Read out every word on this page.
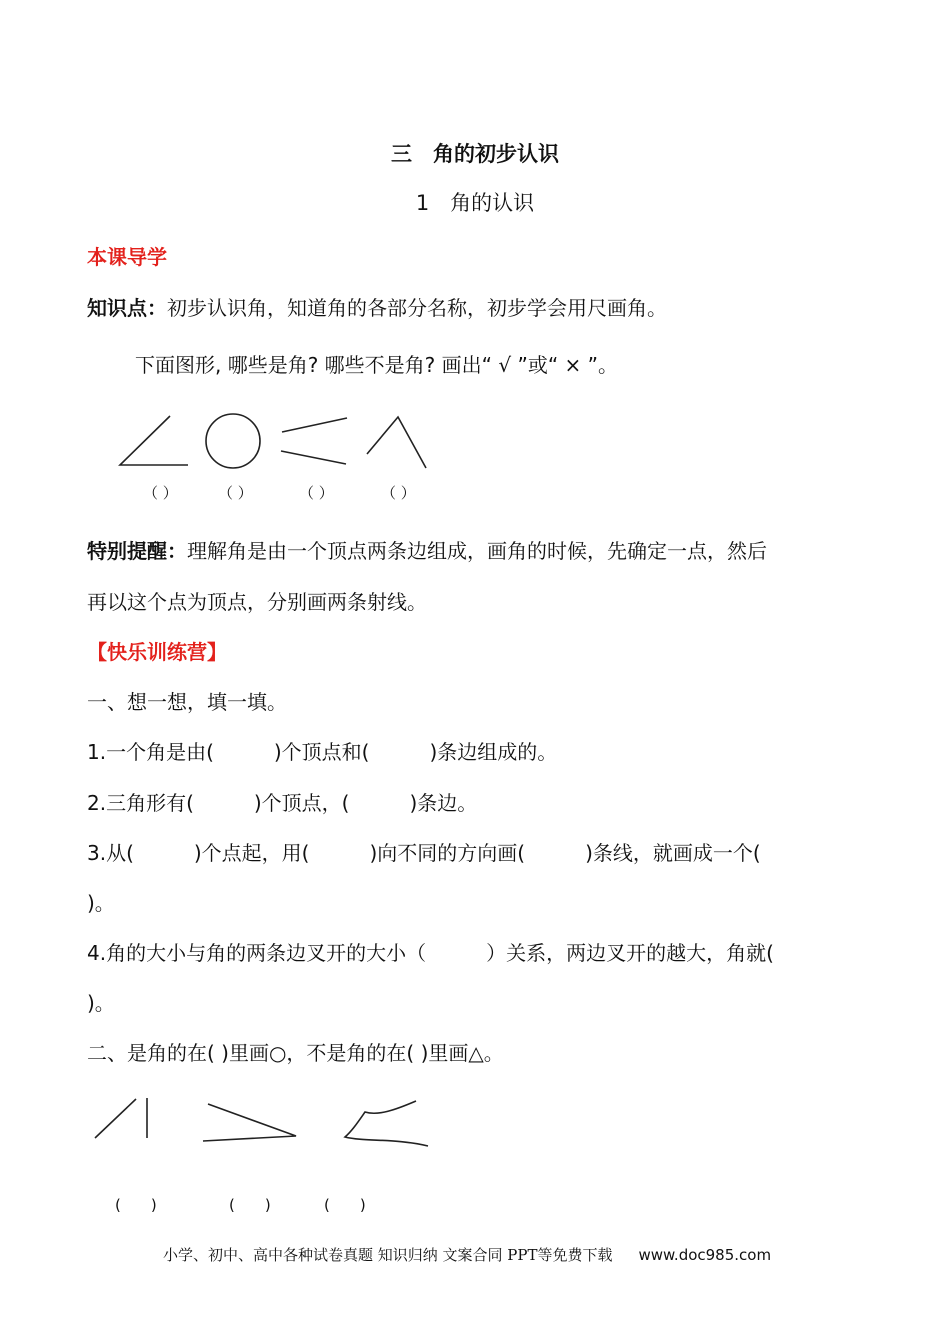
三　角的初步认识
1　角的认识
本课导学
知识点：初步认识角，知道角的各部分名称，初步学会用尺画角。
下面图形, 哪些是角? 哪些不是角? 画出“ √ ”或“ × ”。
（ ）	（ ）	（ ）	（ ）
特别提醒：理解角是由一个顶点两条边组成，画角的时候，先确定一点，然后
再以这个点为顶点，分别画两条射线。
【快乐训练营】
一、想一想，填一填。
1.一个角是由(　　　)个顶点和(　　　)条边组成的。
2.三角形有(　　　)个顶点，(　　　)条边。
3.从(　　　)个点起，用(　　　)向不同的方向画(　　　)条线，就画成一个(
)。
4.角的大小与角的两条边叉开的大小（　　　）关系，两边叉开的越大，角就(
)。
二、是角的在( )里画○，不是角的在( )里画△。
(　　)	(　　)	(　　)
小学、初中、高中各种试卷真题 知识归纳 文案合同 PPT等免费下载 www.doc985.com
